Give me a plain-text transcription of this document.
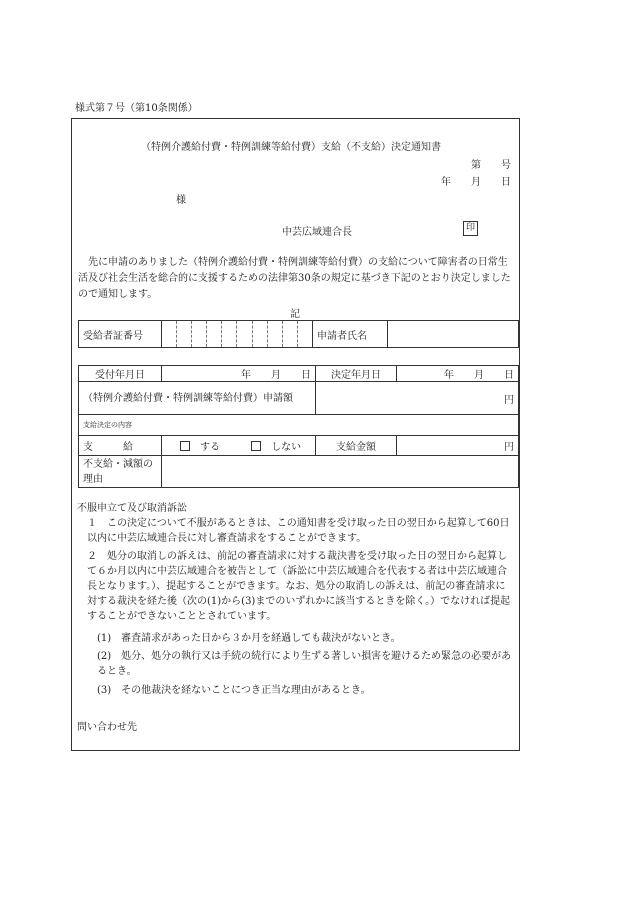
様式第７号（第10条関係）
（特例介護給付費・特例訓練等給付費）支給（不支給）決定通知書
第　　号
年　　月　　日
様
中芸広域連合長	印
先に申請のありました（特例介護給付費・特例訓練等給付費）の支給について障害者の日常生活及び社会生活を総合的に支援するための法律第30条の規定に基づき下記のとおり決定しましたので通知します。
記
受給者証番号		申請者氏名	
受付年月日	年　　月　　日	決定年月日	年　　月　　日
（特例介護給付費・特例訓練等給付費）申請額		円	
支給決定の内容			
支　　　給	する しない	支給金額	円
不支給・減額の理由			
不服申立て及び取消訴訟
１　この決定について不服があるときは、この通知書を受け取った日の翌日から起算して60日以内に中芸広域連合長に対し審査請求をすることができます。
２　処分の取消しの訴えは、前記の審査請求に対する裁決書を受け取った日の翌日から起算して６か月以内に中芸広域連合を被告として（訴訟に中芸広域連合を代表する者は中芸広域連合長となります。）、提起することができます。なお、処分の取消しの訴えは、前記の審査請求に対する裁決を経た後（次の(1)から(3)までのいずれかに該当するときを除く。）でなければ提起することができないこととされています。
(1)　審査請求があった日から３か月を経過しても裁決がないとき。
(2)　処分、処分の執行又は手続の続行により生ずる著しい損害を避けるため緊急の必要があるとき。
(3)　その他裁決を経ないことにつき正当な理由があるとき。
問い合わせ先
